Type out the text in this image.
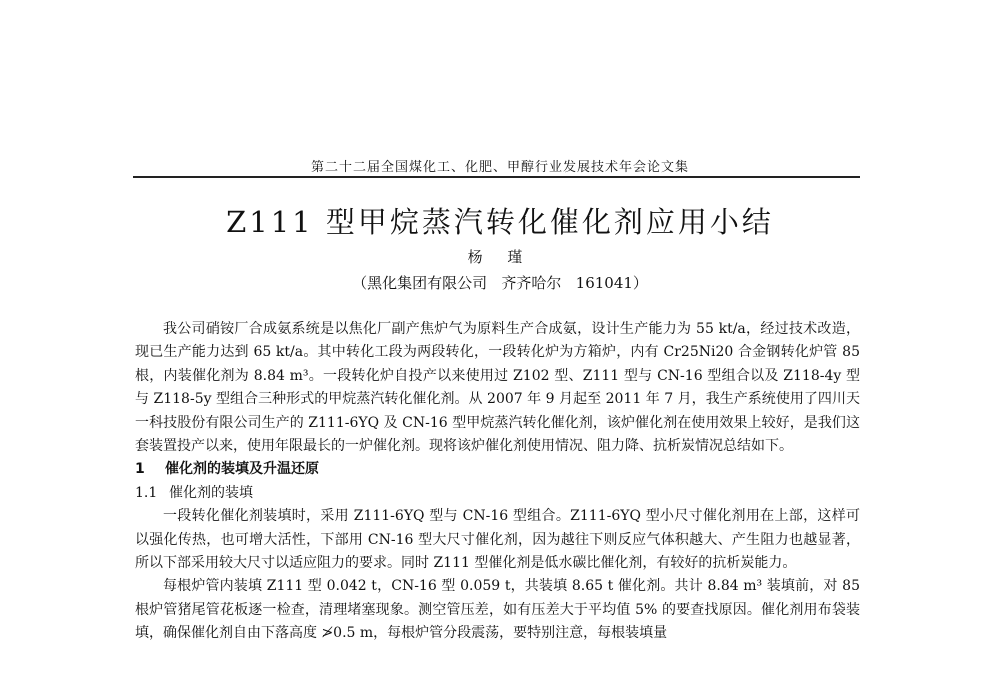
第二十二届全国煤化工、化肥、甲醇行业发展技术年会论文集
Z111 型甲烷蒸汽转化催化剂应用小结
杨 瑾
（黑化集团有限公司   齐齐哈尔   161041）

我公司硝铵厂合成氨系统是以焦化厂副产焦炉气为原料生产合成氨，设计生产能力为 55 kt/a，经过技术改造，现已生产能力达到 65 kt/a。其中转化工段为两段转化，一段转化炉为方箱炉，内有 Cr25Ni20 合金钢转化炉管 85 根，内装催化剂为 8.84 m³。一段转化炉自投产以来使用过 Z102 型、Z111 型与 CN-16 型组合以及 Z118-4y 型与 Z118-5y 型组合三种形式的甲烷蒸汽转化催化剂。从 2007 年 9 月起至 2011 年 7 月，我生产系统使用了四川天一科技股份有限公司生产的 Z111-6YQ 及 CN-16 型甲烷蒸汽转化催化剂，该炉催化剂在使用效果上较好，是我们这套装置投产以来，使用年限最长的一炉催化剂。现将该炉催化剂使用情况、阻力降、抗析炭情况总结如下。

1 催化剂的装填及升温还原

1.1 催化剂的装填

一段转化催化剂装填时，采用 Z111-6YQ 型与 CN-16 型组合。Z111-6YQ 型小尺寸催化剂用在上部，这样可以强化传热，也可增大活性，下部用 CN-16 型大尺寸催化剂，因为越往下则反应气体积越大、产生阻力也越显著，所以下部采用较大尺寸以适应阻力的要求。同时 Z111 型催化剂是低水碳比催化剂，有较好的抗析炭能力。

每根炉管内装填 Z111 型 0.042 t，CN-16 型 0.059 t，共装填 8.65 t 催化剂。共计 8.84 m³ 装填前，对 85 根炉管猪尾管花板逐一检查，清理堵塞现象。测空管压差，如有压差大于平均值 5% 的要查找原因。催化剂用布袋装填，确保催化剂自由下落高度 ≯0.5 m，每根炉管分段震荡，要特别注意，每根装填量
